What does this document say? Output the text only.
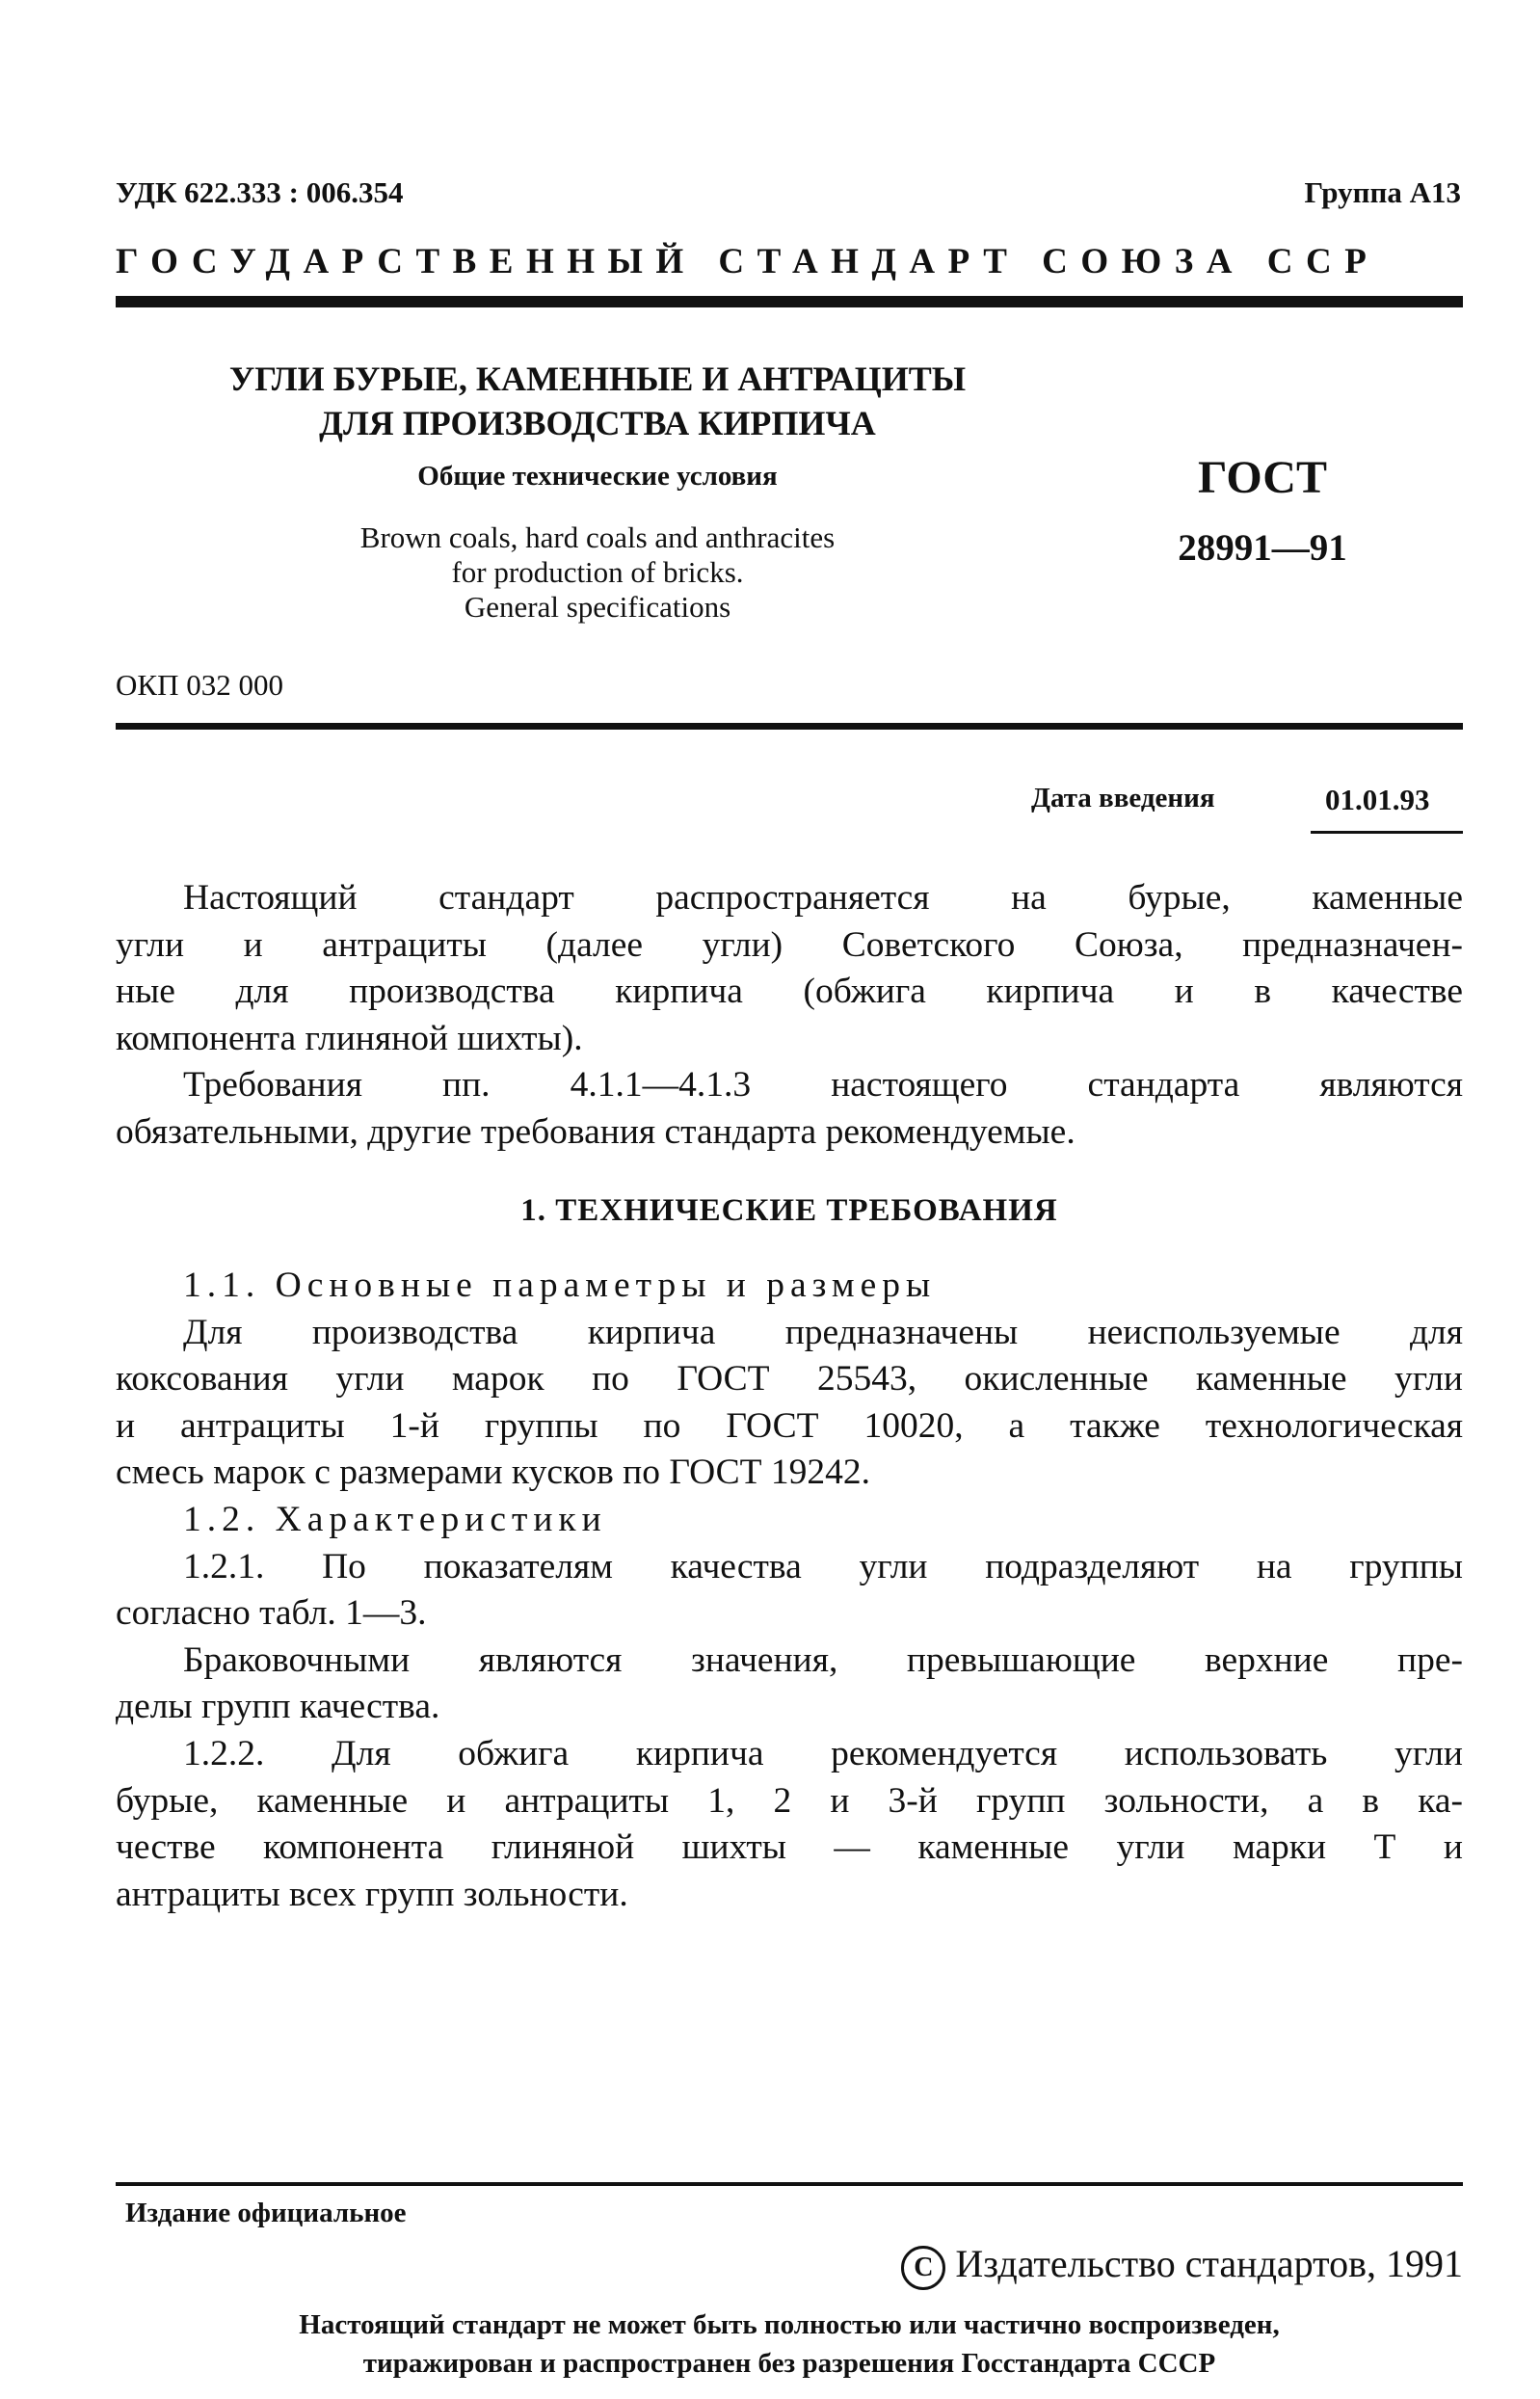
УДК 622.333 : 006.354	Группа А13
ГОСУДАРСТВЕННЫЙ СТАНДАРТ СОЮЗА ССР
УГЛИ БУРЫЕ, КАМЕННЫЕ И АНТРАЦИТЫ
ДЛЯ ПРОИЗВОДСТВА КИРПИЧА
Общие технические условия
Brown coals, hard coals and anthracites
for production of bricks.
General specifications
ГОСТ
28991—91
ОКП 032 000
Дата введения	01.01.93
Настоящий стандарт распространяется на бурые, каменные
угли и антрациты (далее угли) Советского Союза, предназначен-
ные для производства кирпича (обжига кирпича и в качестве
компонента глиняной шихты).
Требования пп. 4.1.1—4.1.3 настоящего стандарта являются
обязательными, другие требования стандарта рекомендуемые.
1. ТЕХНИЧЕСКИЕ ТРЕБОВАНИЯ
1.1. Основные параметры и размеры
Для производства кирпича предназначены неиспользуемые для
коксования угли марок по ГОСТ 25543, окисленные каменные угли
и антрациты 1-й группы по ГОСТ 10020, а также технологическая
смесь марок с размерами кусков по ГОСТ 19242.
1.2. Характеристики
1.2.1. По показателям качества угли подразделяют на группы
согласно табл. 1—3.
Браковочными являются значения, превышающие верхние пре-
делы групп качества.
1.2.2. Для обжига кирпича рекомендуется использовать угли
бурые, каменные и антрациты 1, 2 и 3-й групп зольности, а в ка-
честве компонента глиняной шихты — каменные угли марки Т и
антрациты всех групп зольности.
Издание официальное
C Издательство стандартов, 1991
Настоящий стандарт не может быть полностью или частично воспроизведен,
тиражирован и распространен без разрешения Госстандарта СССР
